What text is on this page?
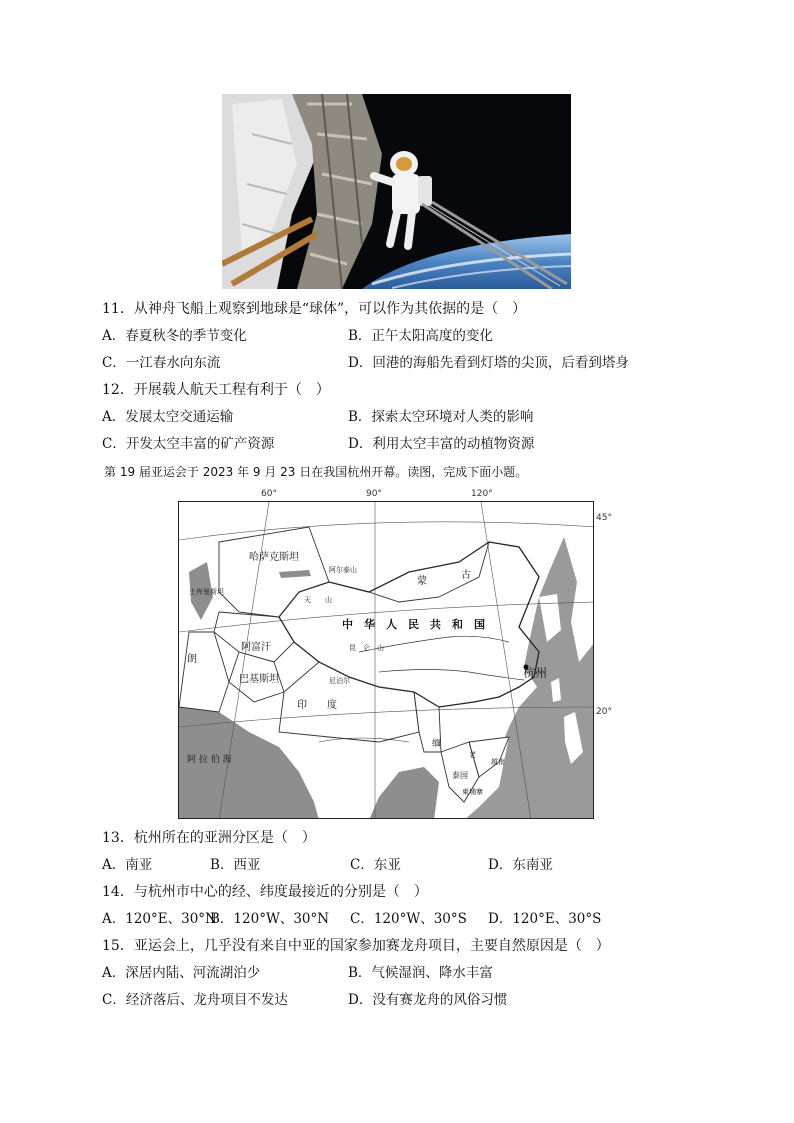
11．从神舟飞船上观察到地球是“球体”，可以作为其依据的是（　）
A．春夏秋冬的季节变化	B．正午太阳高度的变化
C．一江春水向东流	D．回港的海船先看到灯塔的尖顶，后看到塔身
12．开展载人航天工程有利于（　）
A．发展太空交通运输	B．探索太空环境对人类的影响
C．开发太空丰富的矿产资源	D．利用太空丰富的动植物资源
第 19 届亚运会于 2023 年 9 月 23 日在我国杭州开幕。读图，完成下面小题。
60°	90°	120°
哈萨克斯坦
蒙
古
中　华　人　民　共　和　国
杭州
阿富汗
巴基斯坦
朗
印　　度
阿 拉 伯 海
泰国
柬埔寨
缅
尼泊尔
土库曼斯坦
天　　山
昆　仑　山
阿尔泰山
老
越南
45°
20°
13．杭州所在的亚洲分区是（　）
A．南亚	B．西亚	C．东亚	D．东南亚
14．与杭州市中心的经、纬度最接近的分别是（　）
A．120°E、30°N
B．120°W、30°N C．120°W、30°S D．120°E、30°S
15．亚运会上，几乎没有来自中亚的国家参加赛龙舟项目，主要自然原因是（　）
A．深居内陆、河流湖泊少	B．气候湿润、降水丰富
C．经济落后、龙舟项目不发达	D．没有赛龙舟的风俗习惯
